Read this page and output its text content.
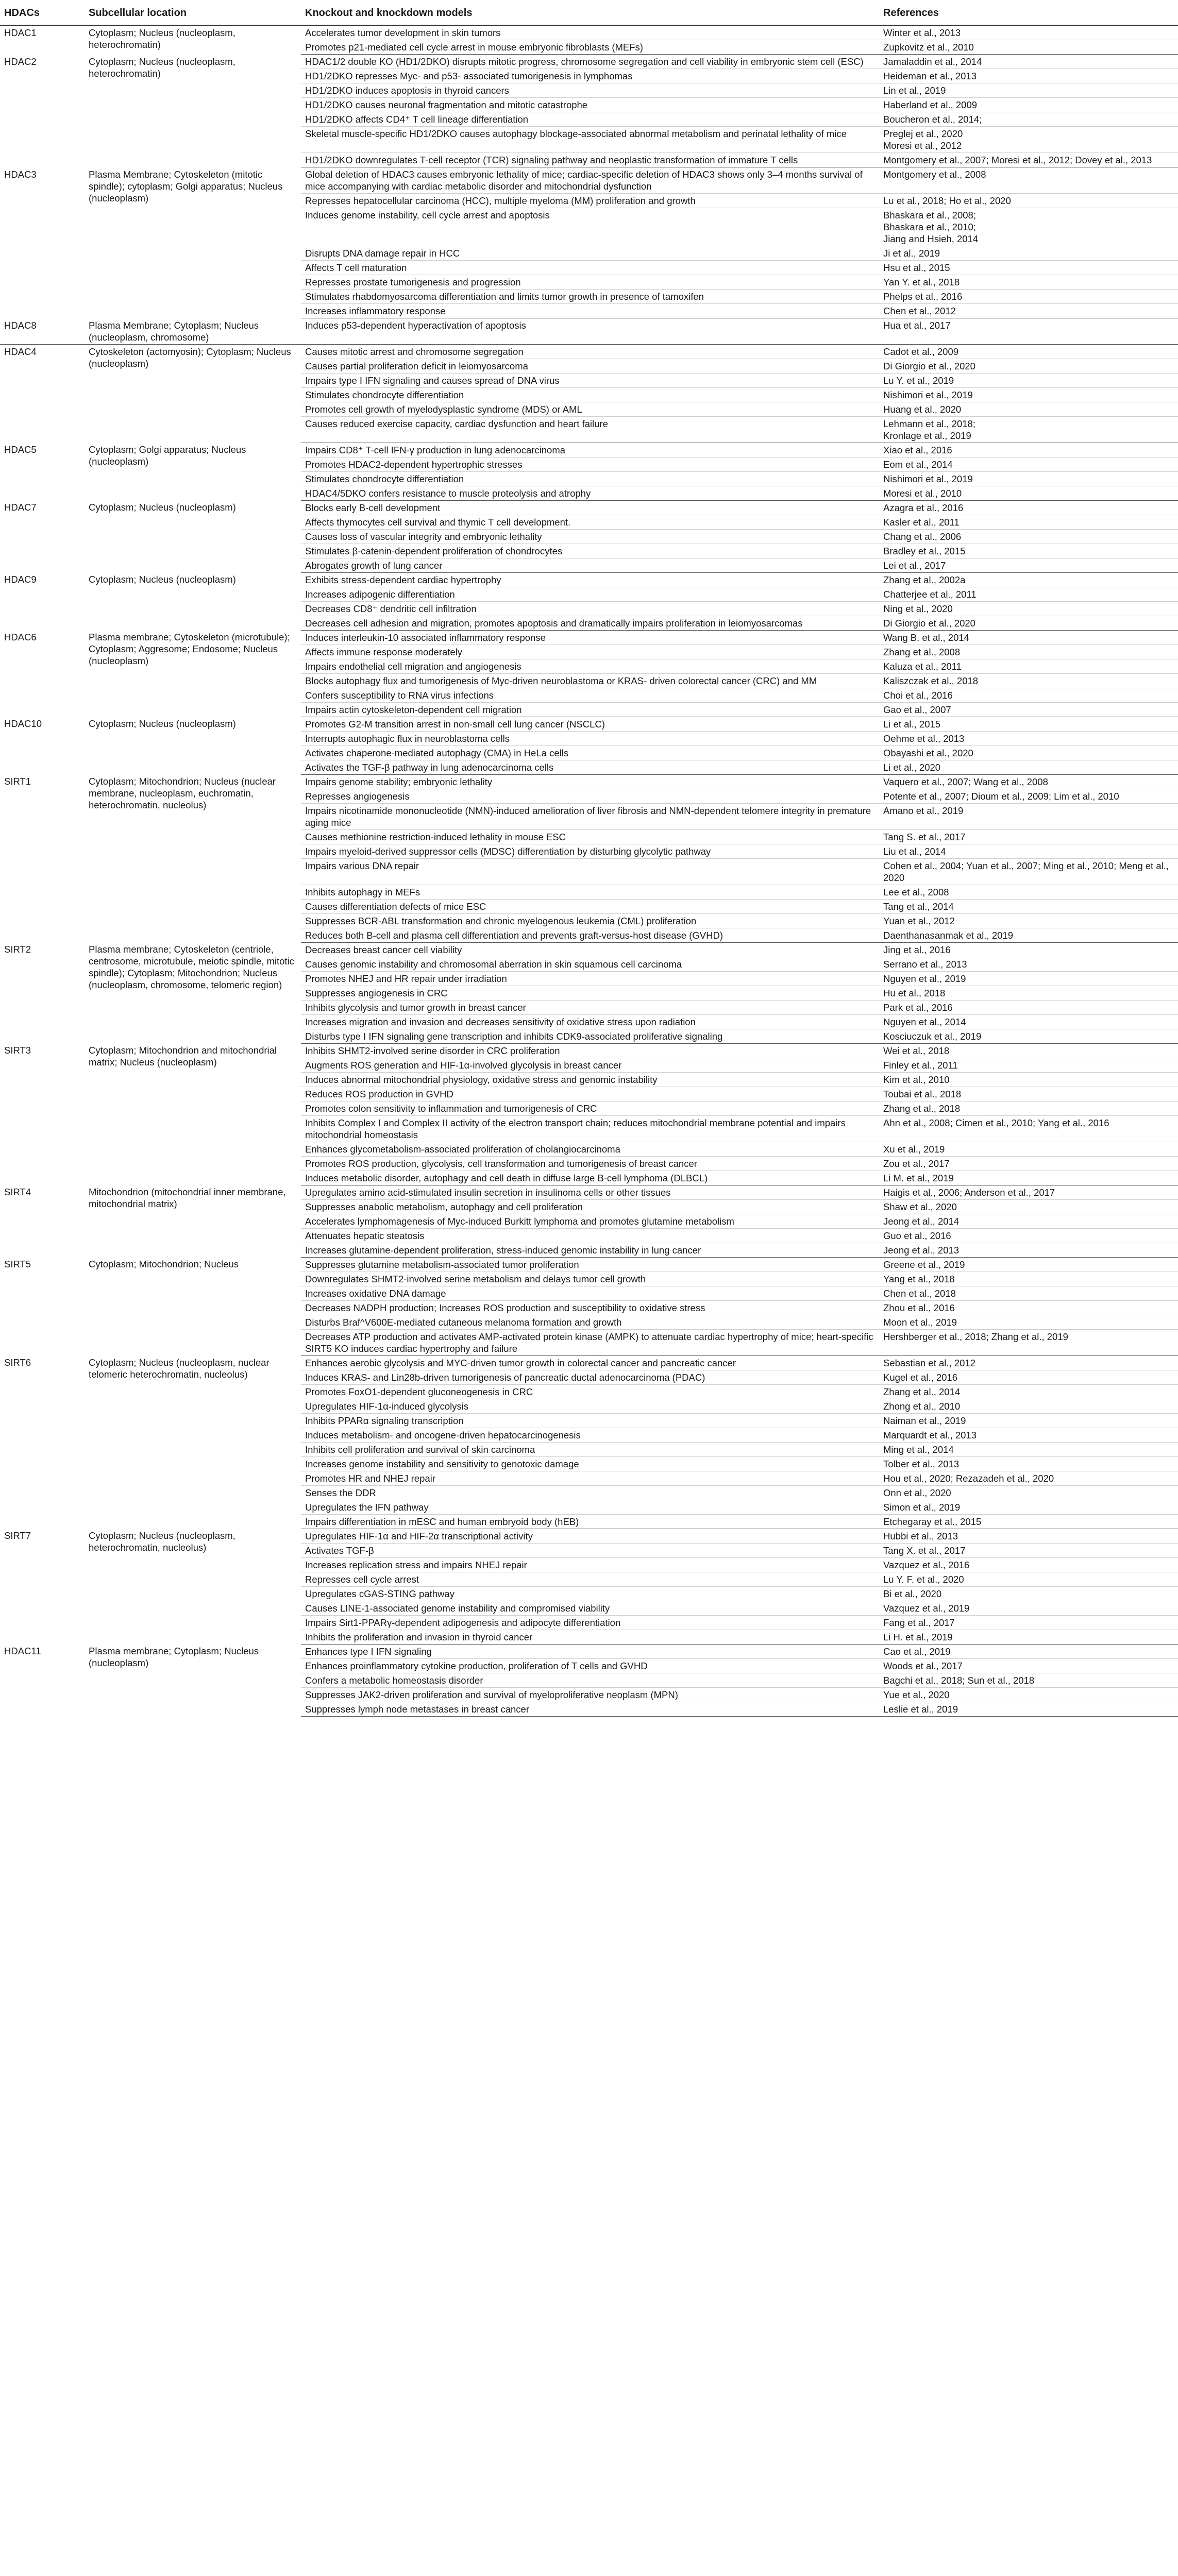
HDACs	Subcellular location	Knockout and knockdown models	References
HDAC1	Cytoplasm; Nucleus (nucleoplasm, heterochromatin)	Accelerates tumor development in skin tumors	Winter et al., 2013
		Promotes p21-mediated cell cycle arrest in mouse embryonic fibroblasts (MEFs)	Zupkovitz et al., 2010
HDAC2	Cytoplasm; Nucleus (nucleoplasm, heterochromatin)	HDAC1/2 double KO (HD1/2DKO) disrupts mitotic progress, chromosome segregation and cell viability in embryonic stem cell (ESC)	Jamaladdin et al., 2014
		HD1/2DKO represses Myc- and p53- associated tumorigenesis in lymphomas	Heideman et al., 2013
		HD1/2DKO induces apoptosis in thyroid cancers	Lin et al., 2019
		HD1/2DKO causes neuronal fragmentation and mitotic catastrophe	Haberland et al., 2009
		HD1/2DKO affects CD4⁺ T cell lineage differentiation	Boucheron et al., 2014;
		Skeletal muscle-specific HD1/2DKO causes autophagy blockage-associated abnormal metabolism and perinatal lethality of mice	Preglej et al., 2020
Moresi et al., 2012
		HD1/2DKO downregulates T-cell receptor (TCR) signaling pathway and neoplastic transformation of immature T cells	Montgomery et al., 2007; Moresi et al., 2012; Dovey et al., 2013
HDAC3	Plasma Membrane; Cytoskeleton (mitotic spindle); cytoplasm; Golgi apparatus; Nucleus (nucleoplasm)	Global deletion of HDAC3 causes embryonic lethality of mice; cardiac-specific deletion of HDAC3 shows only 3–4 months survival of mice accompanying with cardiac metabolic disorder and mitochondrial dysfunction	Montgomery et al., 2008
		Represses hepatocellular carcinoma (HCC), multiple myeloma (MM) proliferation and growth	Lu et al., 2018; Ho et al., 2020
		Induces genome instability, cell cycle arrest and apoptosis	Bhaskara et al., 2008;
Bhaskara et al., 2010;
Jiang and Hsieh, 2014
		Disrupts DNA damage repair in HCC	Ji et al., 2019
		Affects T cell maturation	Hsu et al., 2015
		Represses prostate tumorigenesis and progression	Yan Y. et al., 2018
		Stimulates rhabdomyosarcoma differentiation and limits tumor growth in presence of tamoxifen	Phelps et al., 2016
		Increases inflammatory response	Chen et al., 2012
HDAC8	Plasma Membrane; Cytoplasm; Nucleus (nucleoplasm, chromosome)	Induces p53-dependent hyperactivation of apoptosis	Hua et al., 2017
HDAC4	Cytoskeleton (actomyosin); Cytoplasm; Nucleus (nucleoplasm)	Causes mitotic arrest and chromosome segregation	Cadot et al., 2009
		Causes partial proliferation deficit in leiomyosarcoma	Di Giorgio et al., 2020
		Impairs type I IFN signaling and causes spread of DNA virus	Lu Y. et al., 2019
		Stimulates chondrocyte differentiation	Nishimori et al., 2019
		Promotes cell growth of myelodysplastic syndrome (MDS) or AML	Huang et al., 2020
		Causes reduced exercise capacity, cardiac dysfunction and heart failure	Lehmann et al., 2018;
Kronlage et al., 2019
HDAC5	Cytoplasm; Golgi apparatus; Nucleus (nucleoplasm)	Impairs CD8⁺ T-cell IFN-γ production in lung adenocarcinoma	Xiao et al., 2016
		Promotes HDAC2-dependent hypertrophic stresses	Eom et al., 2014
		Stimulates chondrocyte differentiation	Nishimori et al., 2019
		HDAC4/5DKO confers resistance to muscle proteolysis and atrophy	Moresi et al., 2010
HDAC7	Cytoplasm; Nucleus (nucleoplasm)	Blocks early B-cell development	Azagra et al., 2016
		Affects thymocytes cell survival and thymic T cell development.	Kasler et al., 2011
		Causes loss of vascular integrity and embryonic lethality	Chang et al., 2006
		Stimulates β-catenin-dependent proliferation of chondrocytes	Bradley et al., 2015
		Abrogates growth of lung cancer	Lei et al., 2017
HDAC9	Cytoplasm; Nucleus (nucleoplasm)	Exhibits stress-dependent cardiac hypertrophy	Zhang et al., 2002a
		Increases adipogenic differentiation	Chatterjee et al., 2011
		Decreases CD8⁺ dendritic cell infiltration	Ning et al., 2020
		Decreases cell adhesion and migration, promotes apoptosis and dramatically impairs proliferation in leiomyosarcomas	Di Giorgio et al., 2020
HDAC6	Plasma membrane; Cytoskeleton (microtubule); Cytoplasm; Aggresome; Endosome; Nucleus (nucleoplasm)	Induces interleukin-10 associated inflammatory response	Wang B. et al., 2014
		Affects immune response moderately	Zhang et al., 2008
		Impairs endothelial cell migration and angiogenesis	Kaluza et al., 2011
		Blocks autophagy flux and tumorigenesis of Myc-driven neuroblastoma or KRAS- driven colorectal cancer (CRC) and MM	Kaliszczak et al., 2018
		Confers susceptibility to RNA virus infections	Choi et al., 2016
		Impairs actin cytoskeleton-dependent cell migration	Gao et al., 2007
HDAC10	Cytoplasm; Nucleus (nucleoplasm)	Promotes G2-M transition arrest in non-small cell lung cancer (NSCLC)	Li et al., 2015
		Interrupts autophagic flux in neuroblastoma cells	Oehme et al., 2013
		Activates chaperone-mediated autophagy (CMA) in HeLa cells	Obayashi et al., 2020
		Activates the TGF-β pathway in lung adenocarcinoma cells	Li et al., 2020
SIRT1	Cytoplasm; Mitochondrion; Nucleus (nuclear membrane, nucleoplasm, euchromatin, heterochromatin, nucleolus)	Impairs genome stability; embryonic lethality	Vaquero et al., 2007; Wang et al., 2008
		Represses angiogenesis	Potente et al., 2007; Dioum et al., 2009; Lim et al., 2010
		Impairs nicotinamide mononucleotide (NMN)-induced amelioration of liver fibrosis and NMN-dependent telomere integrity in premature aging mice	Amano et al., 2019
		Causes methionine restriction-induced lethality in mouse ESC	Tang S. et al., 2017
		Impairs myeloid-derived suppressor cells (MDSC) differentiation by disturbing glycolytic pathway	Liu et al., 2014
		Impairs various DNA repair	Cohen et al., 2004; Yuan et al., 2007; Ming et al., 2010; Meng et al., 2020
		Inhibits autophagy in MEFs	Lee et al., 2008
		Causes differentiation defects of mice ESC	Tang et al., 2014
		Suppresses BCR-ABL transformation and chronic myelogenous leukemia (CML) proliferation	Yuan et al., 2012
		Reduces both B-cell and plasma cell differentiation and prevents graft-versus-host disease (GVHD)	Daenthanasanmak et al., 2019
SIRT2	Plasma membrane; Cytoskeleton (centriole, centrosome, microtubule, meiotic spindle, mitotic spindle); Cytoplasm; Mitochondrion; Nucleus (nucleoplasm, chromosome, telomeric region)	Decreases breast cancer cell viability	Jing et al., 2016
		Causes genomic instability and chromosomal aberration in skin squamous cell carcinoma	Serrano et al., 2013
		Promotes NHEJ and HR repair under irradiation	Nguyen et al., 2019
		Suppresses angiogenesis in CRC	Hu et al., 2018
		Inhibits glycolysis and tumor growth in breast cancer	Park et al., 2016
		Increases migration and invasion and decreases sensitivity of oxidative stress upon radiation	Nguyen et al., 2014
		Disturbs type I IFN signaling gene transcription and inhibits CDK9-associated proliferative signaling	Kosciuczuk et al., 2019
SIRT3	Cytoplasm; Mitochondrion and mitochondrial matrix; Nucleus (nucleoplasm)	Inhibits SHMT2-involved serine disorder in CRC proliferation	Wei et al., 2018
		Augments ROS generation and HIF-1α-involved glycolysis in breast cancer	Finley et al., 2011
		Induces abnormal mitochondrial physiology, oxidative stress and genomic instability	Kim et al., 2010
		Reduces ROS production in GVHD	Toubai et al., 2018
		Promotes colon sensitivity to inflammation and tumorigenesis of CRC	Zhang et al., 2018
		Inhibits Complex I and Complex II activity of the electron transport chain; reduces mitochondrial membrane potential and impairs mitochondrial homeostasis	Ahn et al., 2008; Cimen et al., 2010; Yang et al., 2016
		Enhances glycometabolism-associated proliferation of cholangiocarcinoma	Xu et al., 2019
		Promotes ROS production, glycolysis, cell transformation and tumorigenesis of breast cancer	Zou et al., 2017
		Induces metabolic disorder, autophagy and cell death in diffuse large B-cell lymphoma (DLBCL)	Li M. et al., 2019
SIRT4	Mitochondrion (mitochondrial inner membrane, mitochondrial matrix)	Upregulates amino acid-stimulated insulin secretion in insulinoma cells or other tissues	Haigis et al., 2006; Anderson et al., 2017
		Suppresses anabolic metabolism, autophagy and cell proliferation	Shaw et al., 2020
		Accelerates lymphomagenesis of Myc-induced Burkitt lymphoma and promotes glutamine metabolism	Jeong et al., 2014
		Attenuates hepatic steatosis	Guo et al., 2016
		Increases glutamine-dependent proliferation, stress-induced genomic instability in lung cancer	Jeong et al., 2013
SIRT5	Cytoplasm; Mitochondrion; Nucleus	Suppresses glutamine metabolism-associated tumor proliferation	Greene et al., 2019
		Downregulates SHMT2-involved serine metabolism and delays tumor cell growth	Yang et al., 2018
		Increases oxidative DNA damage	Chen et al., 2018
		Decreases NADPH production; Increases ROS production and susceptibility to oxidative stress	Zhou et al., 2016
		Disturbs Braf^V600E-mediated cutaneous melanoma formation and growth	Moon et al., 2019
		Decreases ATP production and activates AMP-activated protein kinase (AMPK) to attenuate cardiac hypertrophy of mice; heart-specific SIRT5 KO induces cardiac hypertrophy and failure	Hershberger et al., 2018; Zhang et al., 2019
SIRT6	Cytoplasm; Nucleus (nucleoplasm, nuclear telomeric heterochromatin, nucleolus)	Enhances aerobic glycolysis and MYC-driven tumor growth in colorectal cancer and pancreatic cancer	Sebastian et al., 2012
		Induces KRAS- and Lin28b-driven tumorigenesis of pancreatic ductal adenocarcinoma (PDAC)	Kugel et al., 2016
		Promotes FoxO1-dependent gluconeogenesis in CRC	Zhang et al., 2014
		Upregulates HIF-1α-induced glycolysis	Zhong et al., 2010
		Inhibits PPARα signaling transcription	Naiman et al., 2019
		Induces metabolism- and oncogene-driven hepatocarcinogenesis	Marquardt et al., 2013
		Inhibits cell proliferation and survival of skin carcinoma	Ming et al., 2014
		Increases genome instability and sensitivity to genotoxic damage	Tolber et al., 2013
		Promotes HR and NHEJ repair	Hou et al., 2020; Rezazadeh et al., 2020
		Senses the DDR	Onn et al., 2020
		Upregulates the IFN pathway	Simon et al., 2019
		Impairs differentiation in mESC and human embryoid body (hEB)	Etchegaray et al., 2015
SIRT7	Cytoplasm; Nucleus (nucleoplasm, heterochromatin, nucleolus)	Upregulates HIF-1α and HIF-2α transcriptional activity	Hubbi et al., 2013
		Activates TGF-β	Tang X. et al., 2017
		Increases replication stress and impairs NHEJ repair	Vazquez et al., 2016
		Represses cell cycle arrest	Lu Y. F. et al., 2020
		Upregulates cGAS-STING pathway	Bi et al., 2020
		Causes LINE-1-associated genome instability and compromised viability	Vazquez et al., 2019
		Impairs Sirt1-PPARγ-dependent adipogenesis and adipocyte differentiation	Fang et al., 2017
		Inhibits the proliferation and invasion in thyroid cancer	Li H. et al., 2019
HDAC11	Plasma membrane; Cytoplasm; Nucleus (nucleoplasm)	Enhances type I IFN signaling	Cao et al., 2019
		Enhances proinflammatory cytokine production, proliferation of T cells and GVHD	Woods et al., 2017
		Confers a metabolic homeostasis disorder	Bagchi et al., 2018; Sun et al., 2018
		Suppresses JAK2-driven proliferation and survival of myeloproliferative neoplasm (MPN)	Yue et al., 2020
		Suppresses lymph node metastases in breast cancer	Leslie et al., 2019
